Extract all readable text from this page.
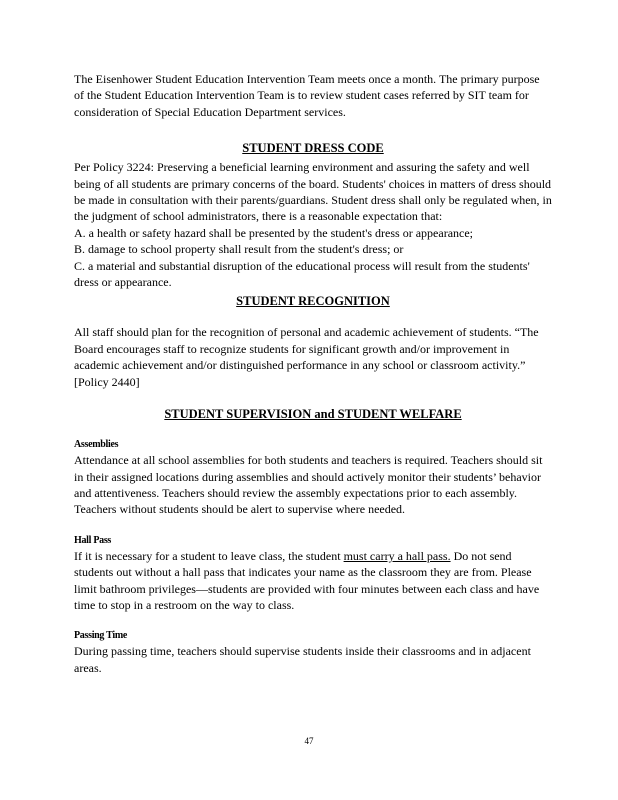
The Eisenhower Student Education Intervention Team meets once a month. The primary purpose of the Student Education Intervention Team is to review student cases referred by SIT team for consideration of Special Education Department services.

STUDENT DRESS CODE

Per Policy 3224: Preserving a beneficial learning environment and assuring the safety and well being of all students are primary concerns of the board. Students' choices in matters of dress should be made in consultation with their parents/guardians. Student dress shall only be regulated when, in the judgment of school administrators, there is a reasonable expectation that:

A. a health or safety hazard shall be presented by the student's dress or appearance;

B. damage to school property shall result from the student's dress; or

C. a material and substantial disruption of the educational process will result from the students' dress or appearance.

STUDENT RECOGNITION

All staff should plan for the recognition of personal and academic achievement of students. “The Board encourages staff to recognize students for significant growth and/or improvement in academic achievement and/or distinguished performance in any school or classroom activity.” [Policy 2440]

STUDENT SUPERVISION and STUDENT WELFARE
Assemblies

Attendance at all school assemblies for both students and teachers is required. Teachers should sit in their assigned locations during assemblies and should actively monitor their students’ behavior and attentiveness. Teachers should review the assembly expectations prior to each assembly. Teachers without students should be alert to supervise where needed.

Hall Pass

If it is necessary for a student to leave class, the student must carry a hall pass. Do not send students out without a hall pass that indicates your name as the classroom they are from. Please limit bathroom privileges—students are provided with four minutes between each class and have time to stop in a restroom on the way to class.

Passing Time

During passing time, teachers should supervise students inside their classrooms and in adjacent areas.

47
